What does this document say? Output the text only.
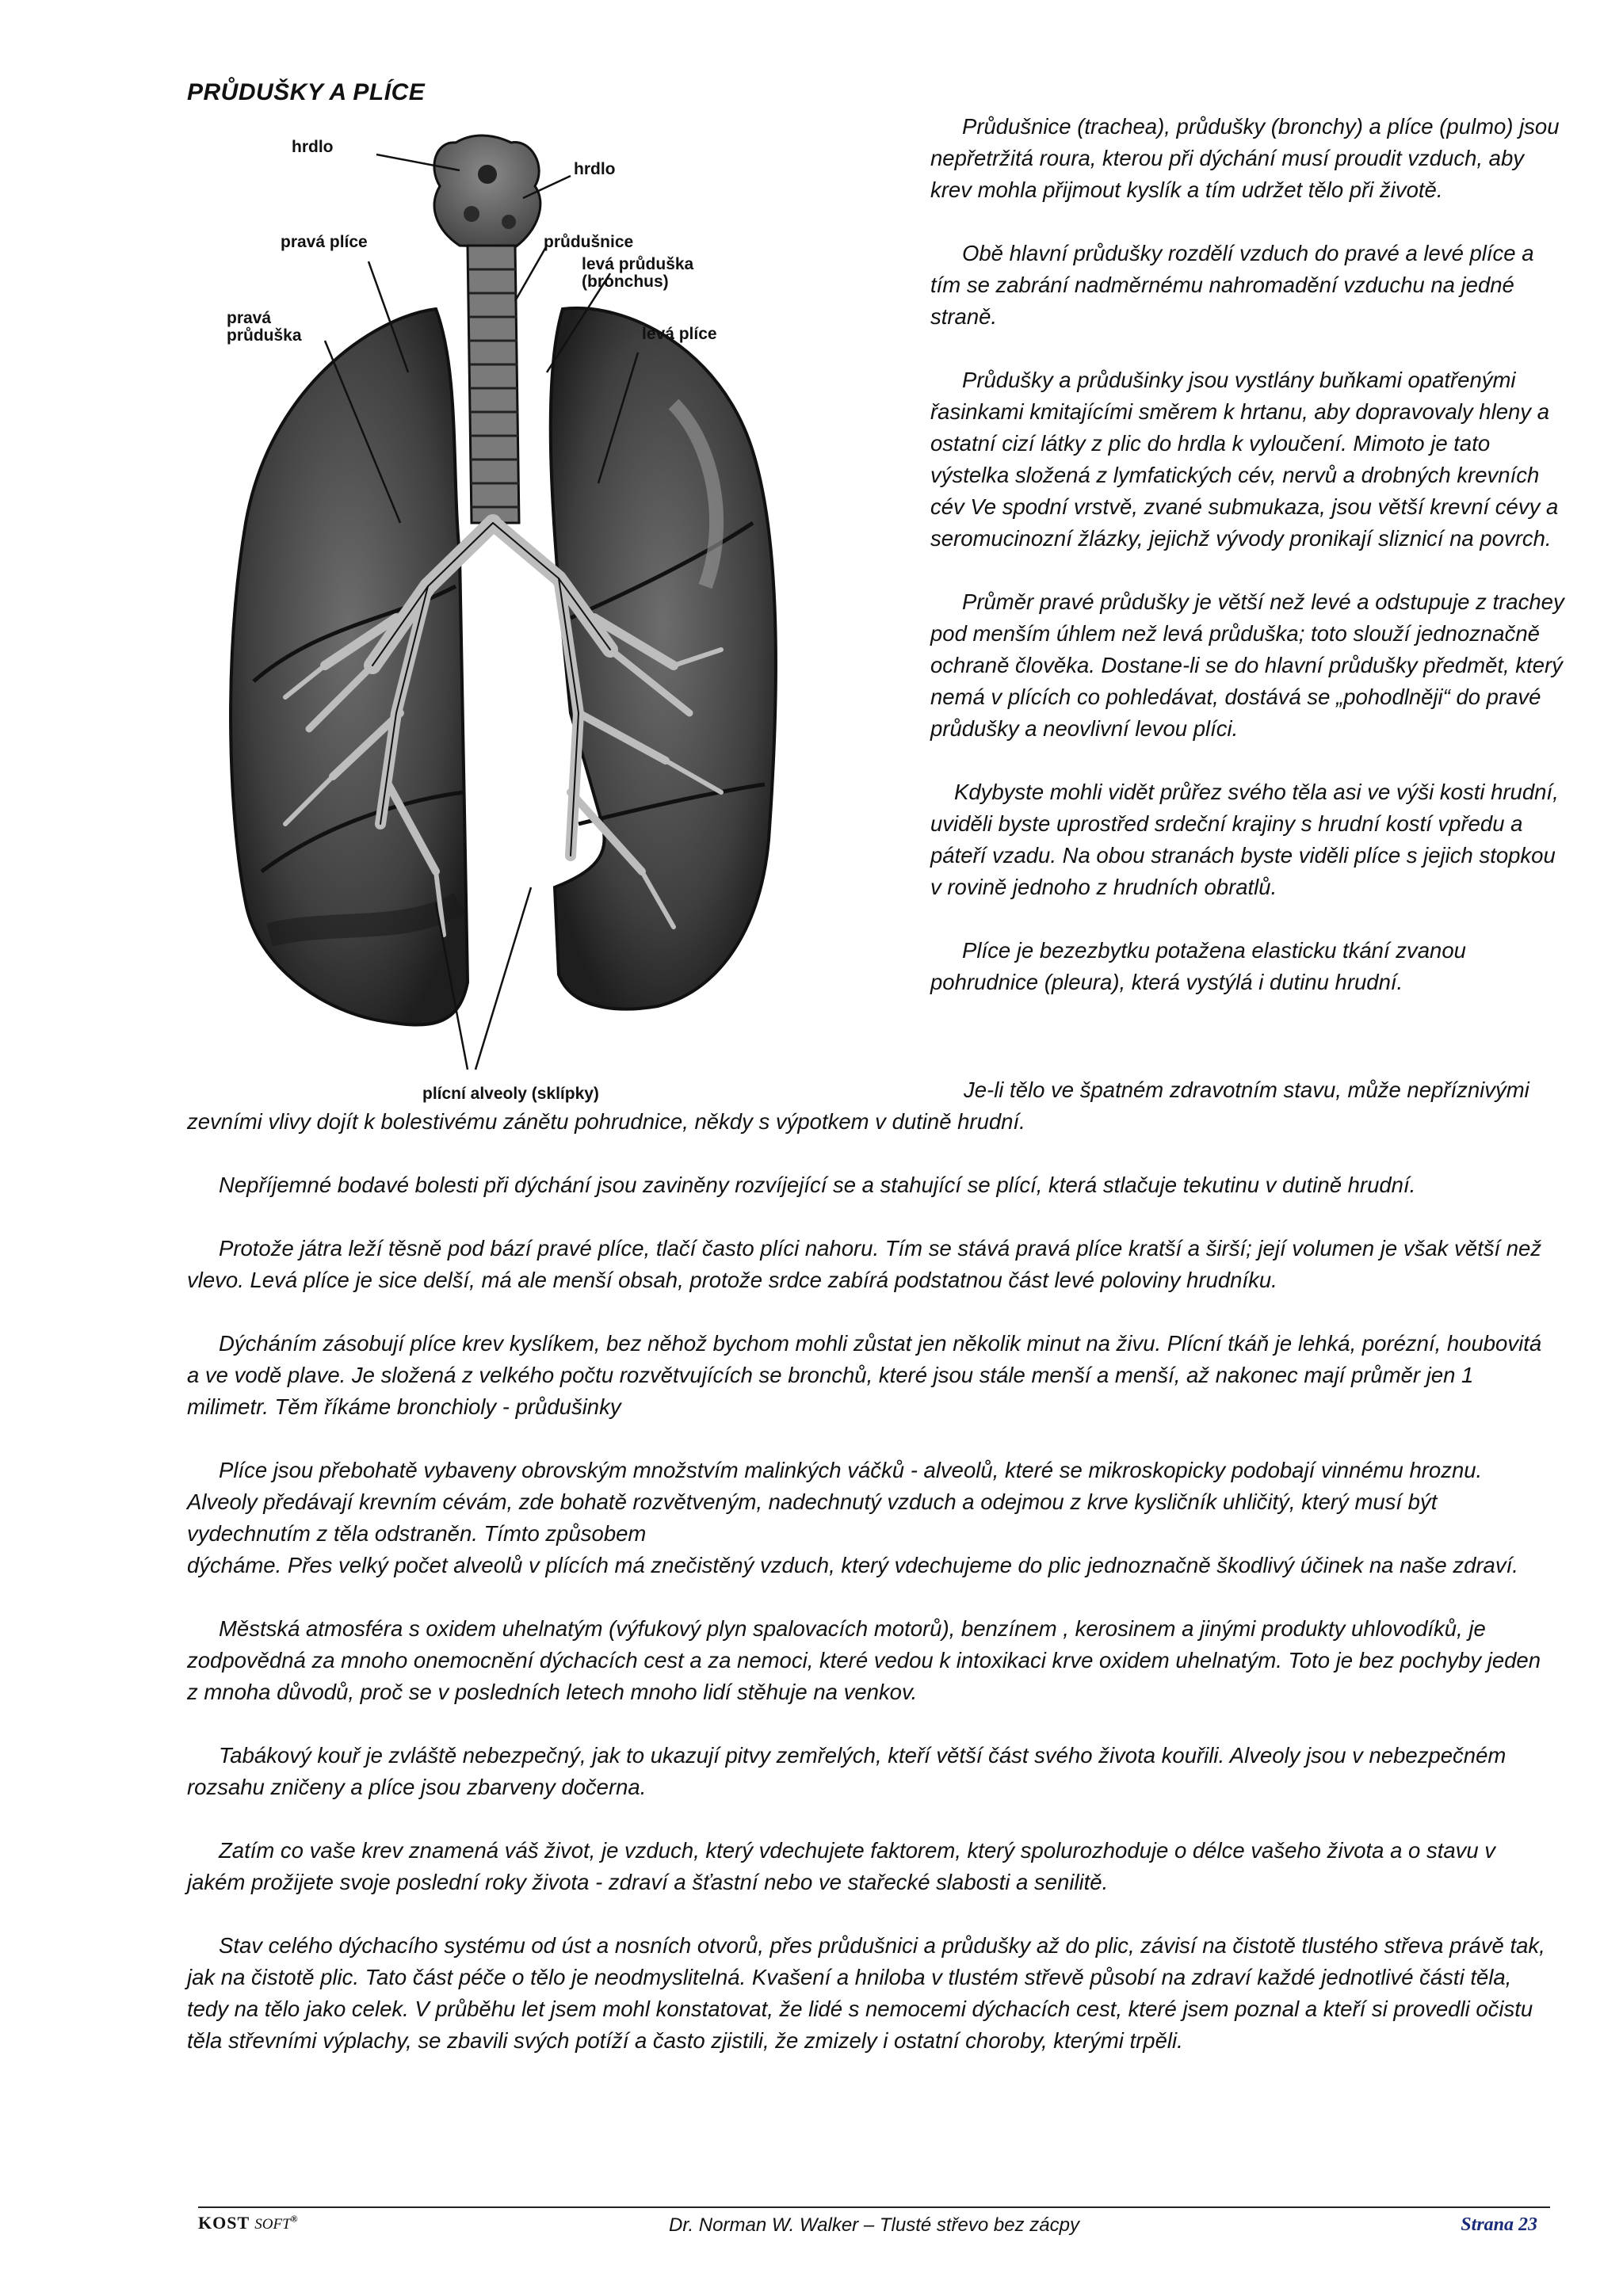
PRŮDUŠKY A PLÍCE
hrdlo
hrdlo
pravá plíce	průdušnice
levá průduška
(bronchus)
pravá
průduška	levá plíce
plícní alveoly (sklípky)

Průdušnice (trachea), průdušky (bronchy) a plíce (pulmo) jsou nepřetržitá roura, kterou při dýchání musí proudit vzduch, aby krev mohla přijmout kyslík a tím udržet tělo při životě.

Obě hlavní průdušky rozdělí vzduch do pravé a levé plíce a tím se zabrání nadměrnému nahromadění vzduchu na jedné straně.

Průdušky a průdušinky jsou vystlány buňkami opatřenými řasinkami kmitajícími směrem k hrtanu, aby dopravovaly hleny a ostatní cizí látky z plic do hrdla k vyloučení. Mimoto je tato výstelka složená z lymfatických cév, nervů a drobných krevních cév Ve spodní vrstvě, zvané submukaza, jsou větší krevní cévy a seromucinozní žlázky, jejichž vývody pronikají sliznicí na povrch.

Průměr pravé průdušky je větší než levé a odstupuje z trachey pod menším úhlem než levá průduška; toto slouží jednoznačně ochraně člověka. Dostane-li se do hlavní průdušky předmět, který nemá v plících co pohledávat, dostává se „pohodlněji“ do pravé průdušky a neovlivní levou plíci.

Kdybyste mohli vidět průřez svého těla asi ve výši kosti hrudní, uviděli byste uprostřed srdeční krajiny s hrudní kostí vpředu a páteří vzadu. Na obou stranách byste viděli plíce s jejich stopkou v rovině jednoho z hrudních obratlů.

Plíce je bezezbytku potažena elasticku tkání zvanou pohrudnice (pleura), která vystýlá i dutinu hrudní.

Je-li tělo ve špatném zdravotním stavu, může nepříznivými zevními vlivy dojít k bolestivému zánětu pohrudnice, někdy s výpotkem v dutině hrudní.

Nepříjemné bodavé bolesti při dýchání jsou zaviněny rozvíjející se a stahující se plící, která stlačuje tekutinu v dutině hrudní.

Protože játra leží těsně pod bází pravé plíce, tlačí často plíci nahoru. Tím se stává pravá plíce kratší a širší; její volumen je však větší než vlevo. Levá plíce je sice delší, má ale menší obsah, protože srdce zabírá podstatnou část levé poloviny hrudníku.

Dýcháním zásobují plíce krev kyslíkem, bez něhož bychom mohli zůstat jen několik minut na živu. Plícní tkáň je lehká, porézní, houbovitá a ve vodě plave. Je složená z velkého počtu rozvětvujících se bronchů, které jsou stále menší a menší, až nakonec mají průměr jen 1 milimetr. Těm říkáme bronchioly - průdušinky

Plíce jsou přebohatě vybaveny obrovským množstvím malinkých váčků - alveolů, které se mikroskopicky podobají vinnému hroznu. Alveoly předávají krevním cévám, zde bohatě rozvětveným, nadechnutý vzduch a odejmou z krve kysličník uhličitý, který musí být vydechnutím z těla odstraněn. Tímto způsobem

dýcháme. Přes velký počet alveolů v plících má znečistěný vzduch, který vdechujeme do plic jednoznačně škodlivý účinek na naše zdraví.

Městská atmosféra s oxidem uhelnatým (výfukový plyn spalovacích motorů), benzínem , kerosinem a jinými produkty uhlovodíků, je zodpovědná za mnoho onemocnění dýchacích cest a za nemoci, které vedou k intoxikaci krve oxidem uhelnatým. Toto je bez pochyby jeden z mnoha důvodů, proč se v posledních letech mnoho lidí stěhuje na venkov.

Tabákový kouř je zvláště nebezpečný, jak to ukazují pitvy zemřelých, kteří větší část svého života kouřili. Alveoly jsou v nebezpečném rozsahu zničeny a plíce jsou zbarveny dočerna.

Zatím co vaše krev znamená váš život, je vzduch, který vdechujete faktorem, který spolurozhoduje o délce vašeho života a o stavu v jakém prožijete svoje poslední roky života - zdraví a šťastní nebo ve stařecké slabosti a senilitě.

Stav celého dýchacího systému od úst a nosních otvorů, přes průdušnici a průdušky až do plic, závisí na čistotě tlustého střeva právě tak, jak na čistotě plic. Tato část péče o tělo je neodmyslitelná. Kvašení a hniloba v tlustém střevě působí na zdraví každé jednotlivé části těla, tedy na tělo jako celek. V průběhu let jsem mohl konstatovat, že lidé s nemocemi dýchacích cest, které jsem poznal a kteří si provedli očistu těla střevními výplachy, se zbavili svých potíží a často zjistili, že zmizely i ostatní choroby, kterými trpěli.

KOST SOFT®	Dr. Norman W. Walker – Tlusté střevo bez zácpy	Strana 23
